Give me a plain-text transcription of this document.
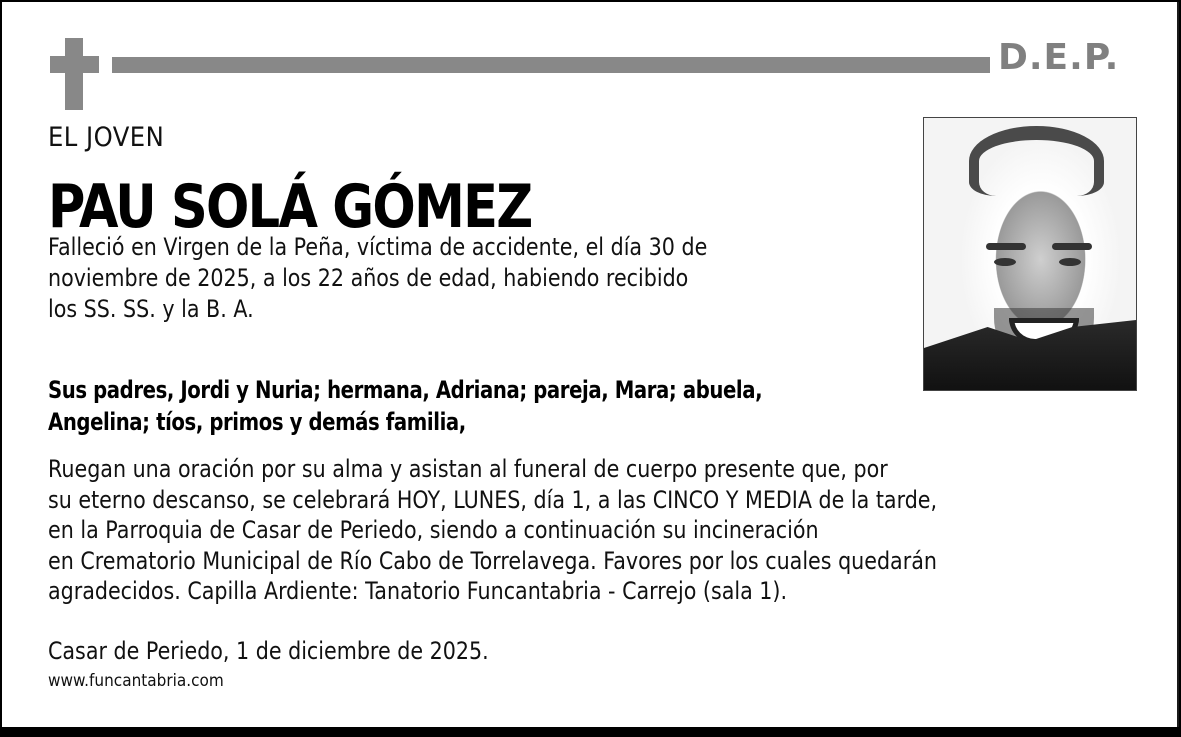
D.E.P.
EL JOVEN
PAU SOLÁ GÓMEZ
Falleció en Virgen de la Peña, víctima de accidente, el día 30 de
noviembre de 2025, a los 22 años de edad, habiendo recibido
los SS. SS. y la B. A.
Sus padres, Jordi y Nuria; hermana, Adriana; pareja, Mara; abuela,
Angelina; tíos, primos y demás familia,
Ruegan una oración por su alma y asistan al funeral de cuerpo presente que, por
su eterno descanso, se celebrará HOY, LUNES, día 1, a las CINCO Y MEDIA de la tarde,
en la Parroquia de Casar de Periedo, siendo a continuación su incineración
en Crematorio Municipal de Río Cabo de Torrelavega. Favores por los cuales quedarán
agradecidos. Capilla Ardiente: Tanatorio Funcantabria - Carrejo (sala 1).
Casar de Periedo, 1 de diciembre de 2025.
www.funcantabria.com
